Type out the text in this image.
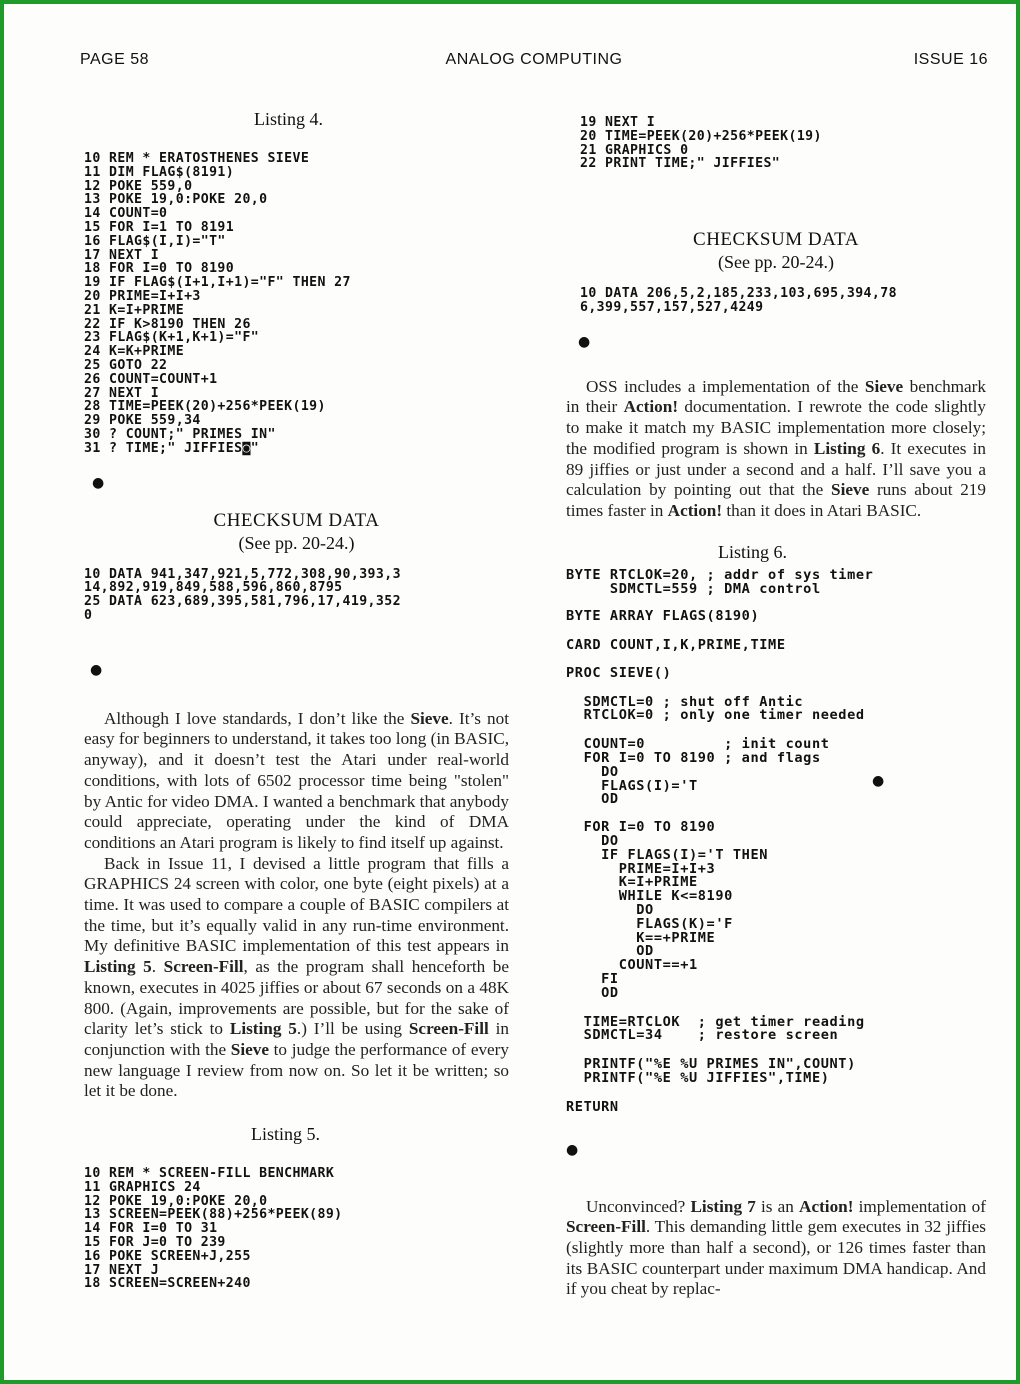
PAGE 58	ANALOG COMPUTING	ISSUE 16
Listing 4.
10 REM * ERATOSTHENES SIEVE
11 DIM FLAG$(8191)
12 POKE 559,0
13 POKE 19,0:POKE 20,0
14 COUNT=0
15 FOR I=1 TO 8191
16 FLAG$(I,I)="T"
17 NEXT I
18 FOR I=0 TO 8190
19 IF FLAG$(I+1,I+1)="F" THEN 27
20 PRIME=I+I+3
21 K=I+PRIME
22 IF K>8190 THEN 26
23 FLAG$(K+1,K+1)="F"
24 K=K+PRIME
25 GOTO 22
26 COUNT=COUNT+1
27 NEXT I
28 TIME=PEEK(20)+256*PEEK(19)
29 POKE 559,34
30 ? COUNT;" PRIMES IN"
31 ? TIME;" JIFFIES◙"
●
CHECKSUM DATA
(See pp. 20-24.)
10 DATA 941,347,921,5,772,308,90,393,3
14,892,919,849,588,596,860,8795
25 DATA 623,689,395,581,796,17,419,352
0
●

Although I love standards, I don’t like the Sieve. It’s not easy for beginners to understand, it takes too long (in BASIC, anyway), and it doesn’t test the Atari under real-world conditions, with lots of 6502 processor time being "stolen" by Antic for video DMA. I wanted a benchmark that anybody could appreciate, operating under the kind of DMA conditions an Atari program is likely to find itself up against.

Back in Issue 11, I devised a little program that fills a GRAPHICS 24 screen with color, one byte (eight pixels) at a time. It was used to compare a couple of BASIC compilers at the time, but it’s equally valid in any run-time environment. My definitive BASIC implementation of this test appears in Listing 5. Screen-Fill, as the program shall henceforth be known, executes in 4025 jiffies or about 67 seconds on a 48K 800. (Again, improvements are possible, but for the sake of clarity let’s stick to Listing 5.) I’ll be using Screen-Fill in conjunction with the Sieve to judge the performance of every new language I review from now on. So let it be written; so let it be done.

Listing 5.
10 REM * SCREEN-FILL BENCHMARK
11 GRAPHICS 24
12 POKE 19,0:POKE 20,0
13 SCREEN=PEEK(88)+256*PEEK(89)
14 FOR I=0 TO 31
15 FOR J=0 TO 239
16 POKE SCREEN+J,255
17 NEXT J
18 SCREEN=SCREEN+240
19 NEXT I
20 TIME=PEEK(20)+256*PEEK(19)
21 GRAPHICS 0
22 PRINT TIME;" JIFFIES"
CHECKSUM DATA
(See pp. 20-24.)
10 DATA 206,5,2,185,233,103,695,394,78
6,399,557,157,527,4249
●

OSS includes a implementation of the Sieve benchmark in their Action! documentation. I rewrote the code slightly to make it match my BASIC implementation more closely; the modified program is shown in Listing 6. It executes in 89 jiffies or just under a second and a half. I’ll save you a calculation by pointing out that the Sieve runs about 219 times faster in Action! than it does in Atari BASIC.

Listing 6.
BYTE RTCLOK=20, ; addr of sys timer
SDMCTL=559 ; DMA control
BYTE ARRAY FLAGS(8190)
CARD COUNT,I,K,PRIME,TIME
PROC SIEVE()
SDMCTL=0 ; shut off Antic
RTCLOK=0 ; only one timer needed
COUNT=0         ; init count
FOR I=0 TO 8190 ; and flags
DO
FLAGS(I)='T
OD
FOR I=0 TO 8190
DO
IF FLAGS(I)='T THEN
PRIME=I+I+3
K=I+PRIME
WHILE K<=8190
DO
FLAGS(K)='F
K==+PRIME
OD
COUNT==+1
FI
OD
TIME=RTCLOK  ; get timer reading
SDMCTL=34    ; restore screen
PRINTF("%E %U PRIMES IN",COUNT)
PRINTF("%E %U JIFFIES",TIME)
RETURN
●
●

Unconvinced? Listing 7 is an Action! implementation of Screen-Fill. This demanding little gem executes in 32 jiffies (slightly more than half a second), or 126 times faster than its BASIC counterpart under maximum DMA handicap. And if you cheat by replac-
